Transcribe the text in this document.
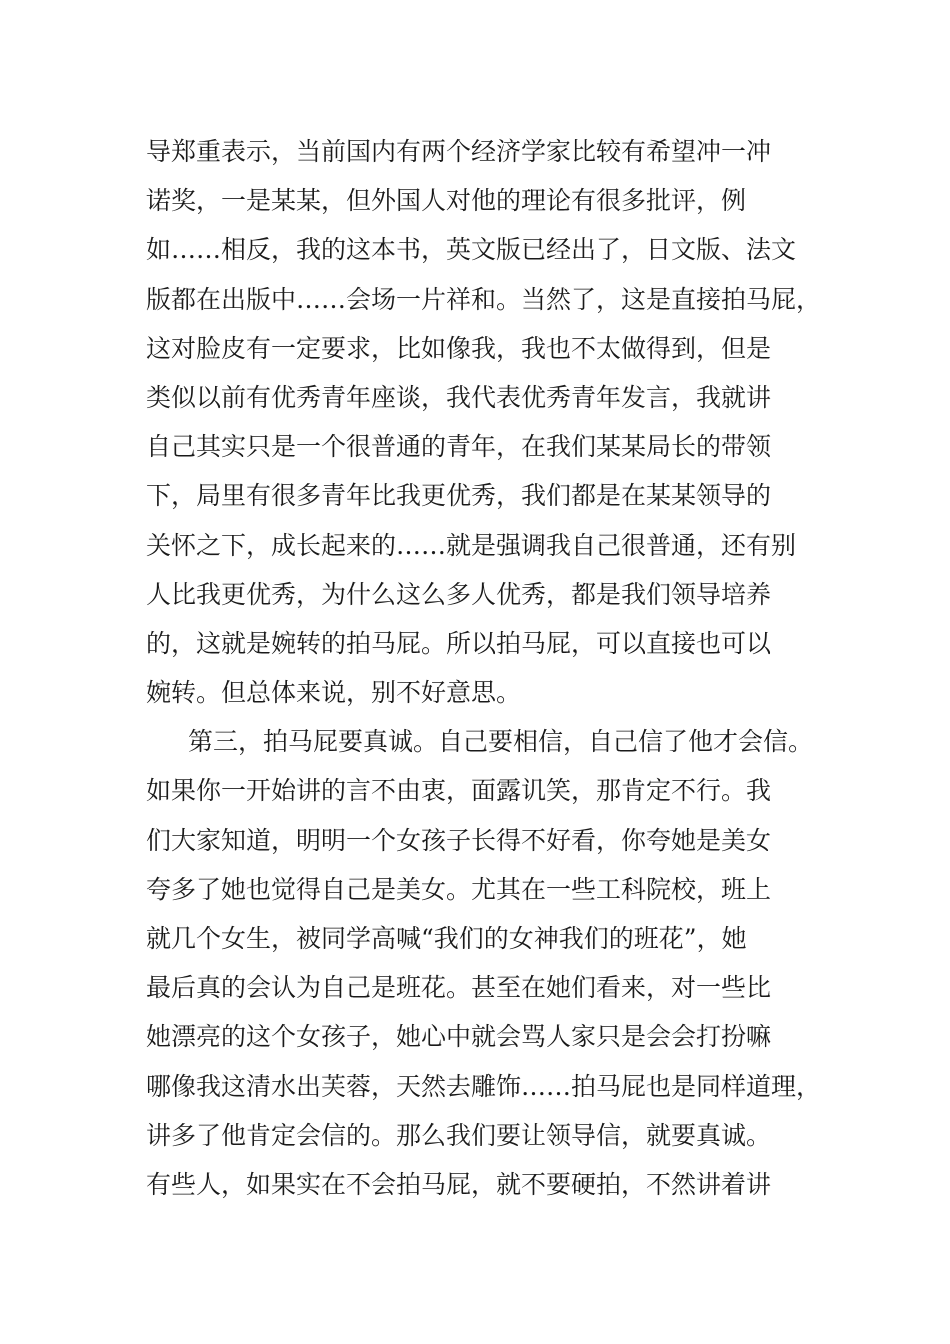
导郑重表示，当前国内有两个经济学家比较有希望冲一冲
诺奖，一是某某，但外国人对他的理论有很多批评，例
如……相反，我的这本书，英文版已经出了，日文版、法文
版都在出版中……会场一片祥和。当然了，这是直接拍马屁，
这对脸皮有一定要求，比如像我，我也不太做得到，但是
类似以前有优秀青年座谈，我代表优秀青年发言，我就讲
自己其实只是一个很普通的青年，在我们某某局长的带领
下，局里有很多青年比我更优秀，我们都是在某某领导的
关怀之下，成长起来的……就是强调我自己很普通，还有别
人比我更优秀，为什么这么多人优秀，都是我们领导培养
的，这就是婉转的拍马屁。所以拍马屁，可以直接也可以
婉转。但总体来说，别不好意思。
第三，拍马屁要真诚。自己要相信，自己信了他才会信。
如果你一开始讲的言不由衷，面露讥笑，那肯定不行。我
们大家知道，明明一个女孩子长得不好看，你夸她是美女
夸多了她也觉得自己是美女。尤其在一些工科院校，班上
就几个女生，被同学高喊“我们的女神我们的班花”，她
最后真的会认为自己是班花。甚至在她们看来，对一些比
她漂亮的这个女孩子，她心中就会骂人家只是会会打扮嘛
哪像我这清水出芙蓉，天然去雕饰……拍马屁也是同样道理，
讲多了他肯定会信的。那么我们要让领导信，就要真诚。
有些人，如果实在不会拍马屁，就不要硬拍，不然讲着讲
